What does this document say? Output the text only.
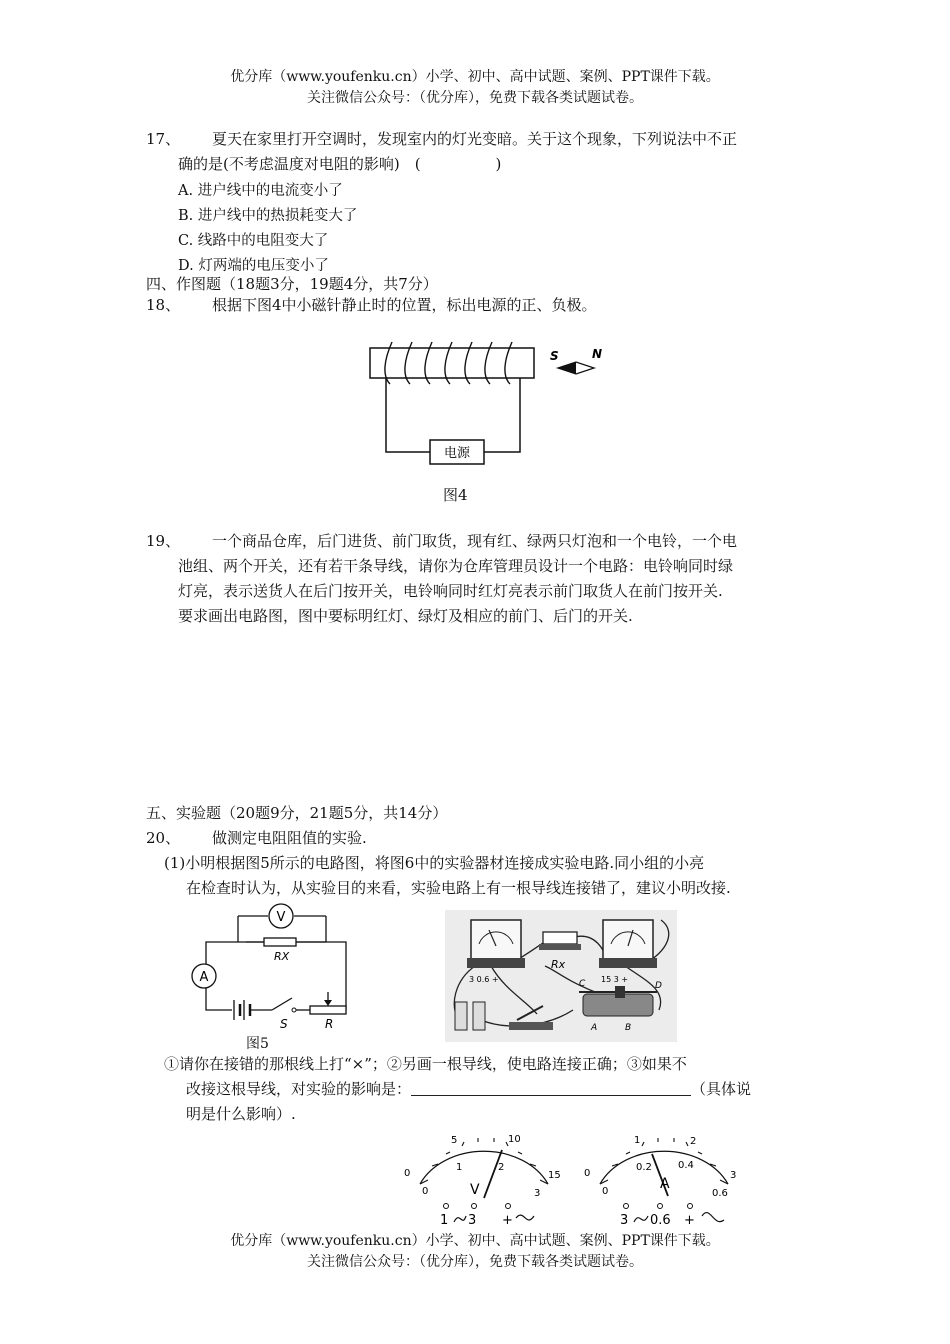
优分库（www.youfenku.cn）小学、初中、高中试题、案例、PPT课件下载。
关注微信公众号：（优分库），免费下载各类试题试卷。
17、 夏天在家里打开空调时，发现室内的灯光变暗。关于这个现象，下列说法中不正
确的是(不考虑温度对电阻的影响)　(　　　　　)
A. 进户线中的电流变小了
B. 进户线中的热损耗变大了
C. 线路中的电阻变大了
D. 灯两端的电压变小了
四、作图题（18题3分，19题4分，共7分）
18、 根据下图4中小磁针静止时的位置，标出电源的正、负极。
电源
S	N
图4
19、 一个商品仓库，后门进货、前门取货，现有红、绿两只灯泡和一个电铃，一个电
池组、两个开关，还有若干条导线，请你为仓库管理员设计一个电路：电铃响同时绿
灯亮，表示送货人在后门按开关，电铃响同时红灯亮表示前门取货人在前门按开关.
要求画出电路图，图中要标明红灯、绿灯及相应的前门、后门的开关.
五、实验题（20题9分，21题5分，共14分）
20、 做测定电阻阻值的实验.
(1)小明根据图5所示的电路图，将图6中的实验器材连接成实验电路.同小组的小亮
在检查时认为，从实验目的来看，实验电路上有一根导线连接错了，建议小明改接.
V
RX
A
S	R
图5
3 0.6 +	15 3 +
Rx
C	D
A	B
①请你在接错的那根线上打“×”；②另画一根导线，使电路连接正确；③如果不
改接这根导线，对实验的影响是：	（具体说
明是什么影响）.
0
5	10
15
0
1	2
3
V
1 3 +
0
1	2
3
0
0.2	0.4
0.6
A
3 0.6 +
优分库（www.youfenku.cn）小学、初中、高中试题、案例、PPT课件下载。
关注微信公众号：（优分库），免费下载各类试题试卷。
